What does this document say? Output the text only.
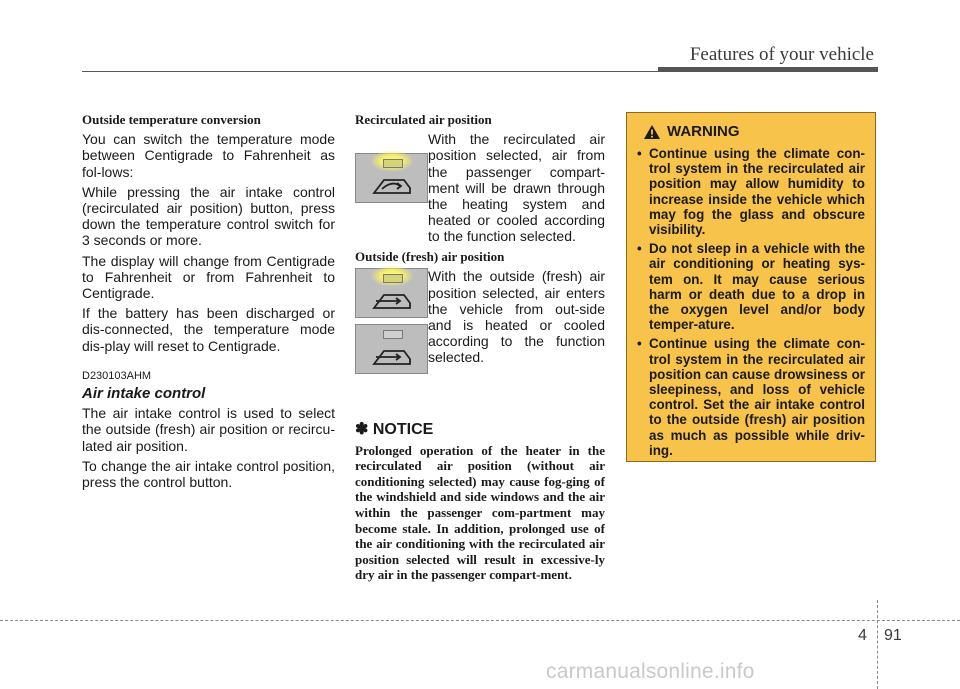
Features of your vehicle
Outside temperature conversion

You can switch the temperature mode between Centigrade to Fahrenheit as fol-lows:

While pressing the air intake control (recirculated air position) button, press down the temperature control switch for 3 seconds or more.

The display will change from Centigrade to Fahrenheit or from Fahrenheit to Centigrade.

If the battery has been discharged or dis-connected, the temperature mode dis-play will reset to Centigrade.

D230103AHM
Air intake control

The air intake control is used to select the outside (fresh) air position or recircu-lated air position.

To change the air intake control position, press the control button.

Recirculated air position

With the recirculated air position selected, air from the passenger compart-ment will be drawn through the heating system and heated or cooled according to the function selected.

Outside (fresh) air position

With the outside (fresh) air position selected, air enters the vehicle from out-side and is heated or cooled according to the function selected.

✽ NOTICE

Prolonged operation of the heater in the recirculated air position (without air conditioning selected) may cause fog-ging of the windshield and side windows and the air within the passenger com-partment may become stale. In addition, prolonged use of the air conditioning with the recirculated air position selected will result in excessive-ly dry air in the passenger compart-ment.

WARNING
• Continue using the climate con-trol system in the recirculated air position may allow humidity to increase inside the vehicle which may fog the glass and obscure visibility.
• Do not sleep in a vehicle with the air conditioning or heating sys-tem on. It may cause serious harm or death due to a drop in the oxygen level and/or body temper-ature.
• Continue using the climate con-trol system in the recirculated air position can cause drowsiness or sleepiness, and loss of vehicle control. Set the air intake control to the outside (fresh) air position as much as possible while driv-ing.
4 91
carmanualsonline.info
